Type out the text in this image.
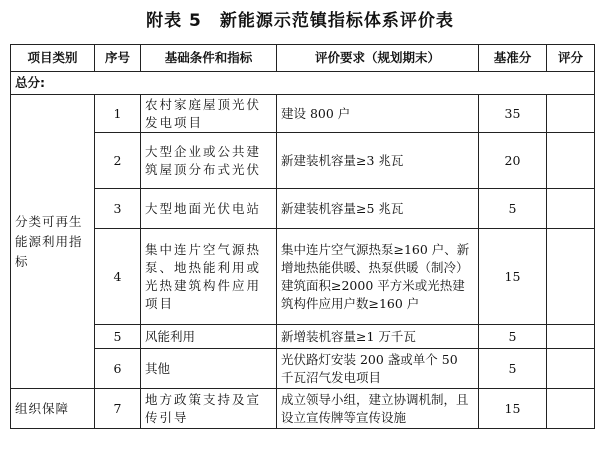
附表 5 新能源示范镇指标体系评价表
项目类别	序号	基础条件和指标	评价要求（规划期末）	基准分	评分
总分:					
分类可再生能源利用指标	1	农村家庭屋顶光伏发电项目	建设 800 户	35	
	2	大型企业或公共建筑屋顶分布式光伏	新建装机容量≥3 兆瓦	20	
	3	大型地面光伏电站	新建装机容量≥5 兆瓦	5	
	4	集中连片空气源热泵、地热能利用或光热建筑构件应用项目	集中连片空气源热泵≥160 户、新增地热能供暖、热泵供暖（制冷）建筑面积≥2000 平方米或光热建筑构件应用户数≥160 户	15	
	5	风能利用	新增装机容量≥1 万千瓦	5	
	6	其他	光伏路灯安装 200 盏或单个 50 千瓦沼气发电项目	5	
组织保障	7	地方政策支持及宣传引导	成立领导小组，建立协调机制，且设立宣传牌等宣传设施	15	
